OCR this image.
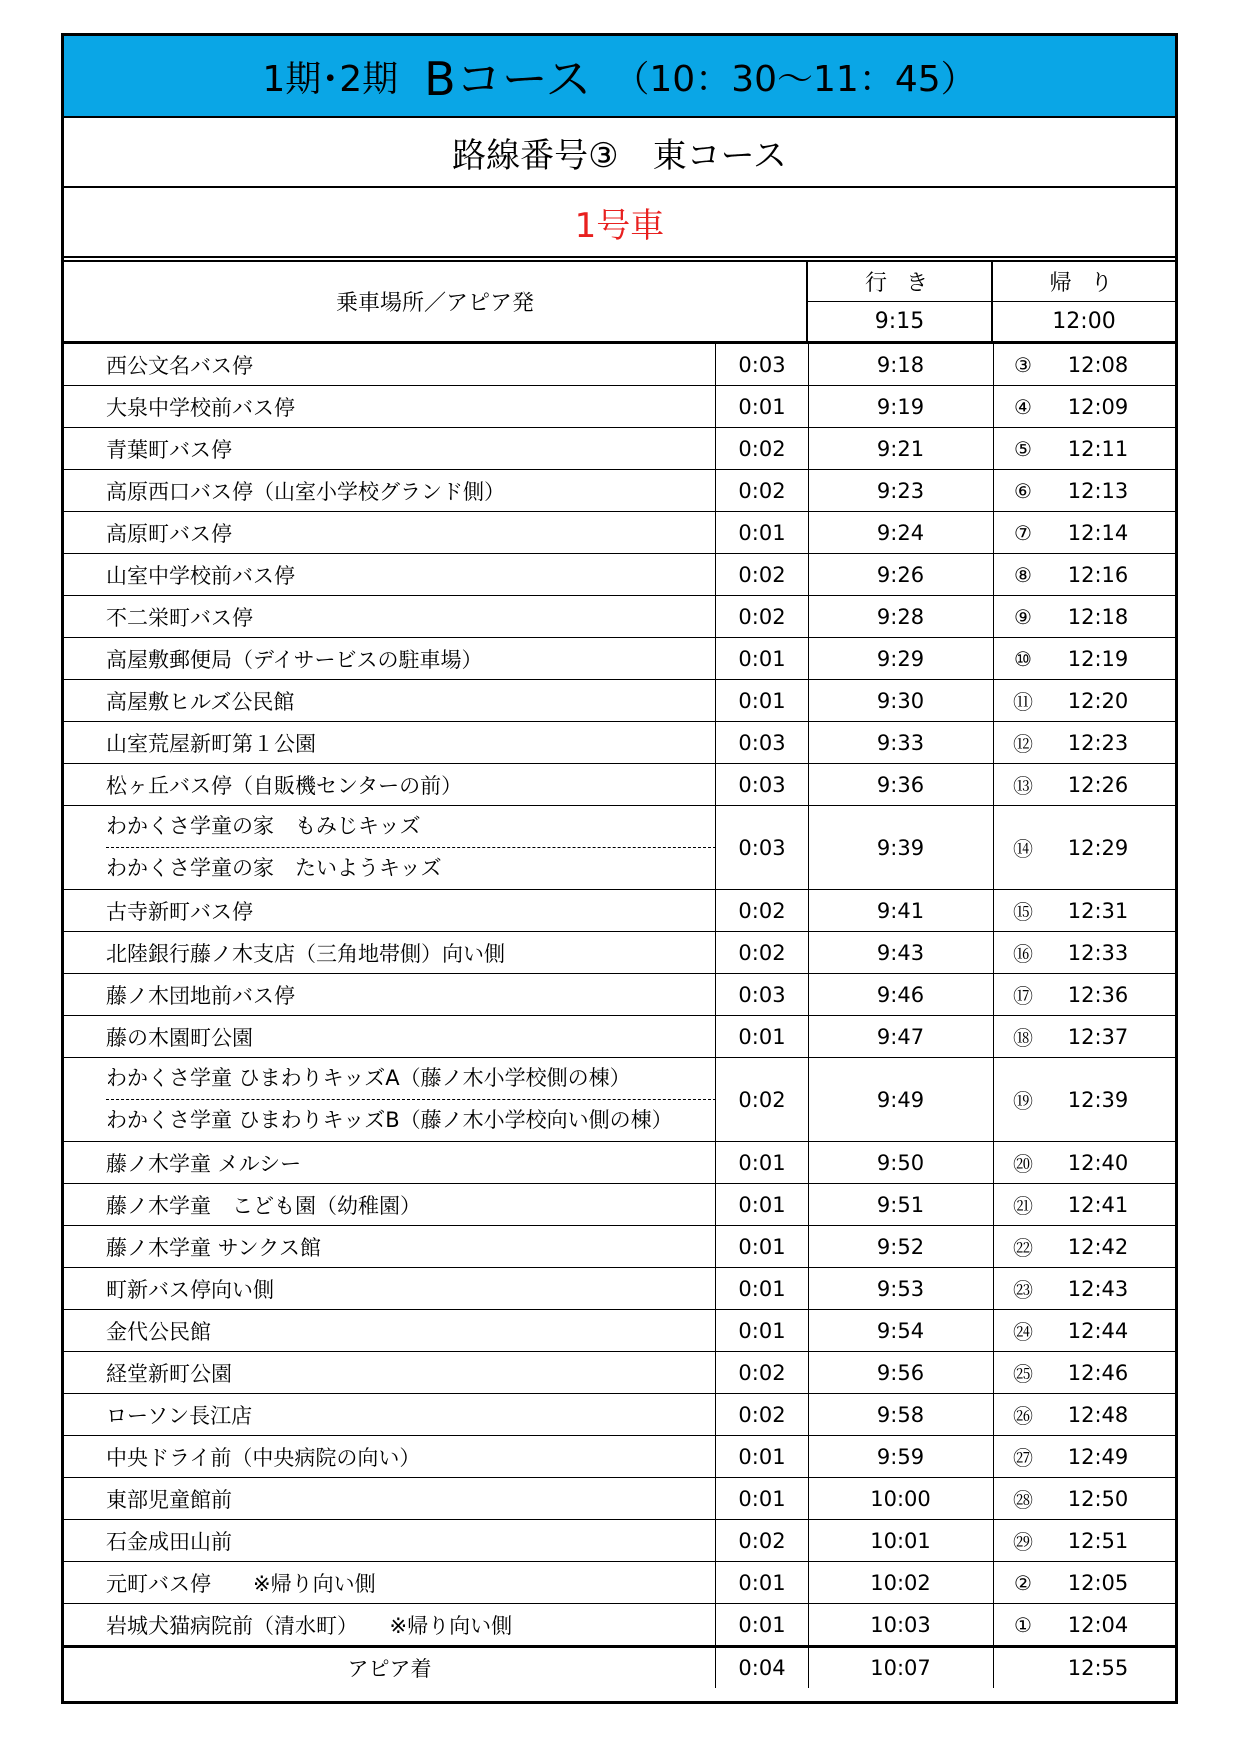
1期･2期 Bコース （10：30～11：45）
路線番号③　東コース
1号車
乗車場所／アピア発
行 き
9:15
帰 り
12:00
西公文名バス停	0:03	9:18	③	12:08
大泉中学校前バス停	0:01	9:19	④	12:09
青葉町バス停	0:02	9:21	⑤	12:11
高原西口バス停（山室小学校グランド側）	0:02	9:23	⑥	12:13
高原町バス停	0:01	9:24	⑦	12:14
山室中学校前バス停	0:02	9:26	⑧	12:16
不二栄町バス停	0:02	9:28	⑨	12:18
高屋敷郵便局（デイサービスの駐車場）	0:01	9:29	⑩	12:19
高屋敷ヒルズ公民館	0:01	9:30	⑪	12:20
山室荒屋新町第１公園	0:03	9:33	⑫	12:23
松ヶ丘バス停（自販機センターの前）	0:03	9:36	⑬	12:26
わかくさ学童の家　もみじキッズ
わかくさ学童の家　たいようキッズ
0:03	9:39	⑭	12:29
古寺新町バス停	0:02	9:41	⑮	12:31
北陸銀行藤ノ木支店（三角地帯側）向い側	0:02	9:43	⑯	12:33
藤ノ木団地前バス停	0:03	9:46	⑰	12:36
藤の木園町公園	0:01	9:47	⑱	12:37
わかくさ学童 ひまわりキッズA（藤ノ木小学校側の棟）
わかくさ学童 ひまわりキッズB（藤ノ木小学校向い側の棟）
0:02	9:49	⑲	12:39
藤ノ木学童 メルシー	0:01	9:50	⑳	12:40
藤ノ木学童　こども園（幼稚園）	0:01	9:51	㉑	12:41
藤ノ木学童 サンクス館	0:01	9:52	㉒	12:42
町新バス停向い側	0:01	9:53	㉓	12:43
金代公民館	0:01	9:54	㉔	12:44
経堂新町公園	0:02	9:56	㉕	12:46
ローソン長江店	0:02	9:58	㉖	12:48
中央ドライ前（中央病院の向い）	0:01	9:59	㉗	12:49
東部児童館前	0:01	10:00	㉘	12:50
石金成田山前	0:02	10:01	㉙	12:51
元町バス停　　※帰り向い側	0:01	10:02	②	12:05
岩城犬猫病院前（清水町）　　※帰り向い側	0:01	10:03	①	12:04
アピア着	0:04	10:07	12:55
